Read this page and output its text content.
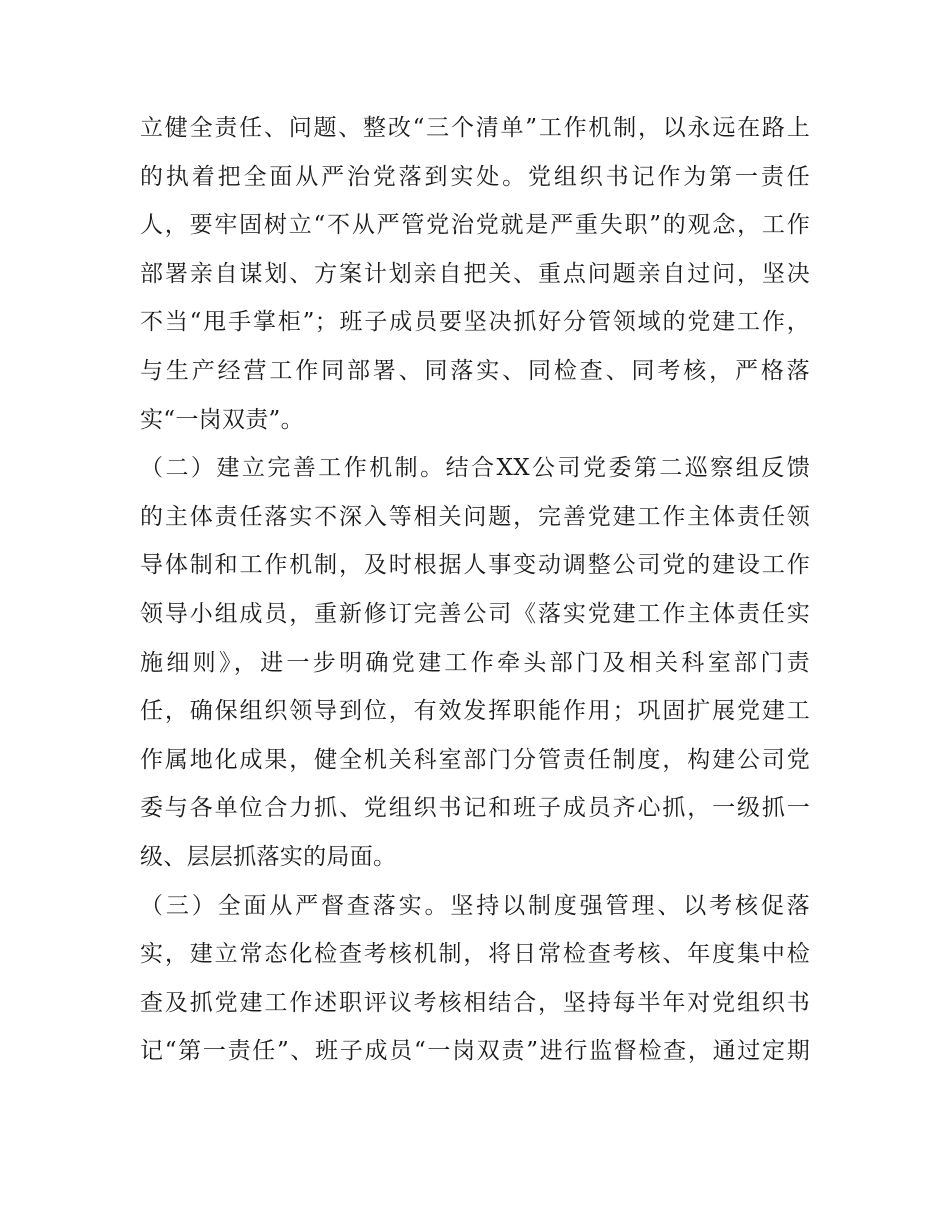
立健全责任、问题、整改“三个清单”工作机制，以永远在路上
的执着把全面从严治党落到实处。党组织书记作为第一责任
人，要牢固树立“不从严管党治党就是严重失职”的观念，工作
部署亲自谋划、方案计划亲自把关、重点问题亲自过问，坚决
不当“甩手掌柜”；班子成员要坚决抓好分管领域的党建工作，
与生产经营工作同部署、同落实、同检查、同考核，严格落
实“一岗双责”。
（二）建立完善工作机制。结合XX公司党委第二巡察组反馈
的主体责任落实不深入等相关问题，完善党建工作主体责任领
导体制和工作机制，及时根据人事变动调整公司党的建设工作
领导小组成员，重新修订完善公司《落实党建工作主体责任实
施细则》，进一步明确党建工作牵头部门及相关科室部门责
任，确保组织领导到位，有效发挥职能作用；巩固扩展党建工
作属地化成果，健全机关科室部门分管责任制度，构建公司党
委与各单位合力抓、党组织书记和班子成员齐心抓，一级抓一
级、层层抓落实的局面。
（三）全面从严督查落实。坚持以制度强管理、以考核促落
实，建立常态化检查考核机制，将日常检查考核、年度集中检
查及抓党建工作述职评议考核相结合，坚持每半年对党组织书
记“第一责任”、班子成员“一岗双责”进行监督检查，通过定期
